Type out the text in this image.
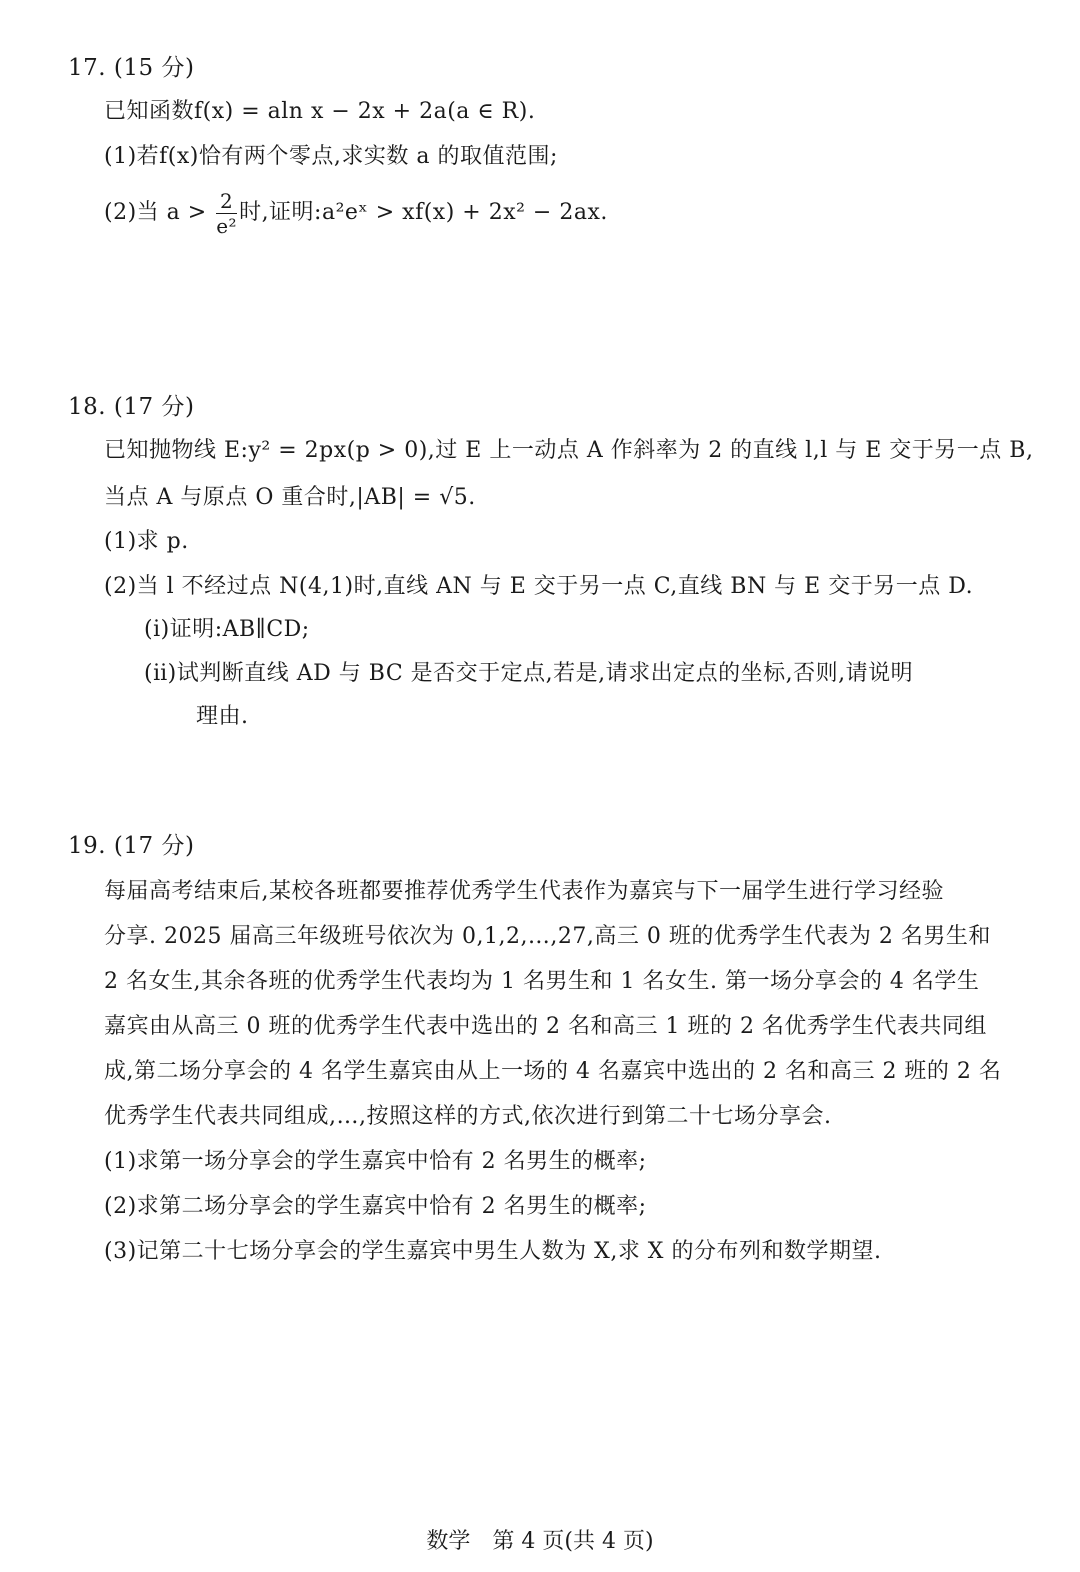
17. (15 分)
已知函数f(x) = aln x − 2x + 2a(a ∈ R).
(1)若f(x)恰有两个零点,求实数 a 的取值范围;
(2)当 $a > \frac{2}{\text{e²}}$ 时,证明:a²eˣ > xf(x) + 2x² − 2ax.
18. (17 分)
已知抛物线 E:y² = 2px(p > 0),过 E 上一动点 A 作斜率为 2 的直线 l,l 与 E 交于另一点 B,
当点 A 与原点 O 重合时,|AB| = √5.
(1)求 p.
(2)当 l 不经过点 N(4,1)时,直线 AN 与 E 交于另一点 C,直线 BN 与 E 交于另一点 D.
(ⅰ)证明:AB∥CD;
(ⅱ)试判断直线 AD 与 BC 是否交于定点,若是,请求出定点的坐标,否则,请说明
理由.
19. (17 分)
每届高考结束后,某校各班都要推荐优秀学生代表作为嘉宾与下一届学生进行学习经验
分享. 2025 届高三年级班号依次为 0,1,2,…,27,高三 0 班的优秀学生代表为 2 名男生和
2 名女生,其余各班的优秀学生代表均为 1 名男生和 1 名女生. 第一场分享会的 4 名学生
嘉宾由从高三 0 班的优秀学生代表中选出的 2 名和高三 1 班的 2 名优秀学生代表共同组
成,第二场分享会的 4 名学生嘉宾由从上一场的 4 名嘉宾中选出的 2 名和高三 2 班的 2 名
优秀学生代表共同组成,…,按照这样的方式,依次进行到第二十七场分享会.
(1)求第一场分享会的学生嘉宾中恰有 2 名男生的概率;
(2)求第二场分享会的学生嘉宾中恰有 2 名男生的概率;
(3)记第二十七场分享会的学生嘉宾中男生人数为 X,求 X 的分布列和数学期望.
数学　第 4 页(共 4 页)
